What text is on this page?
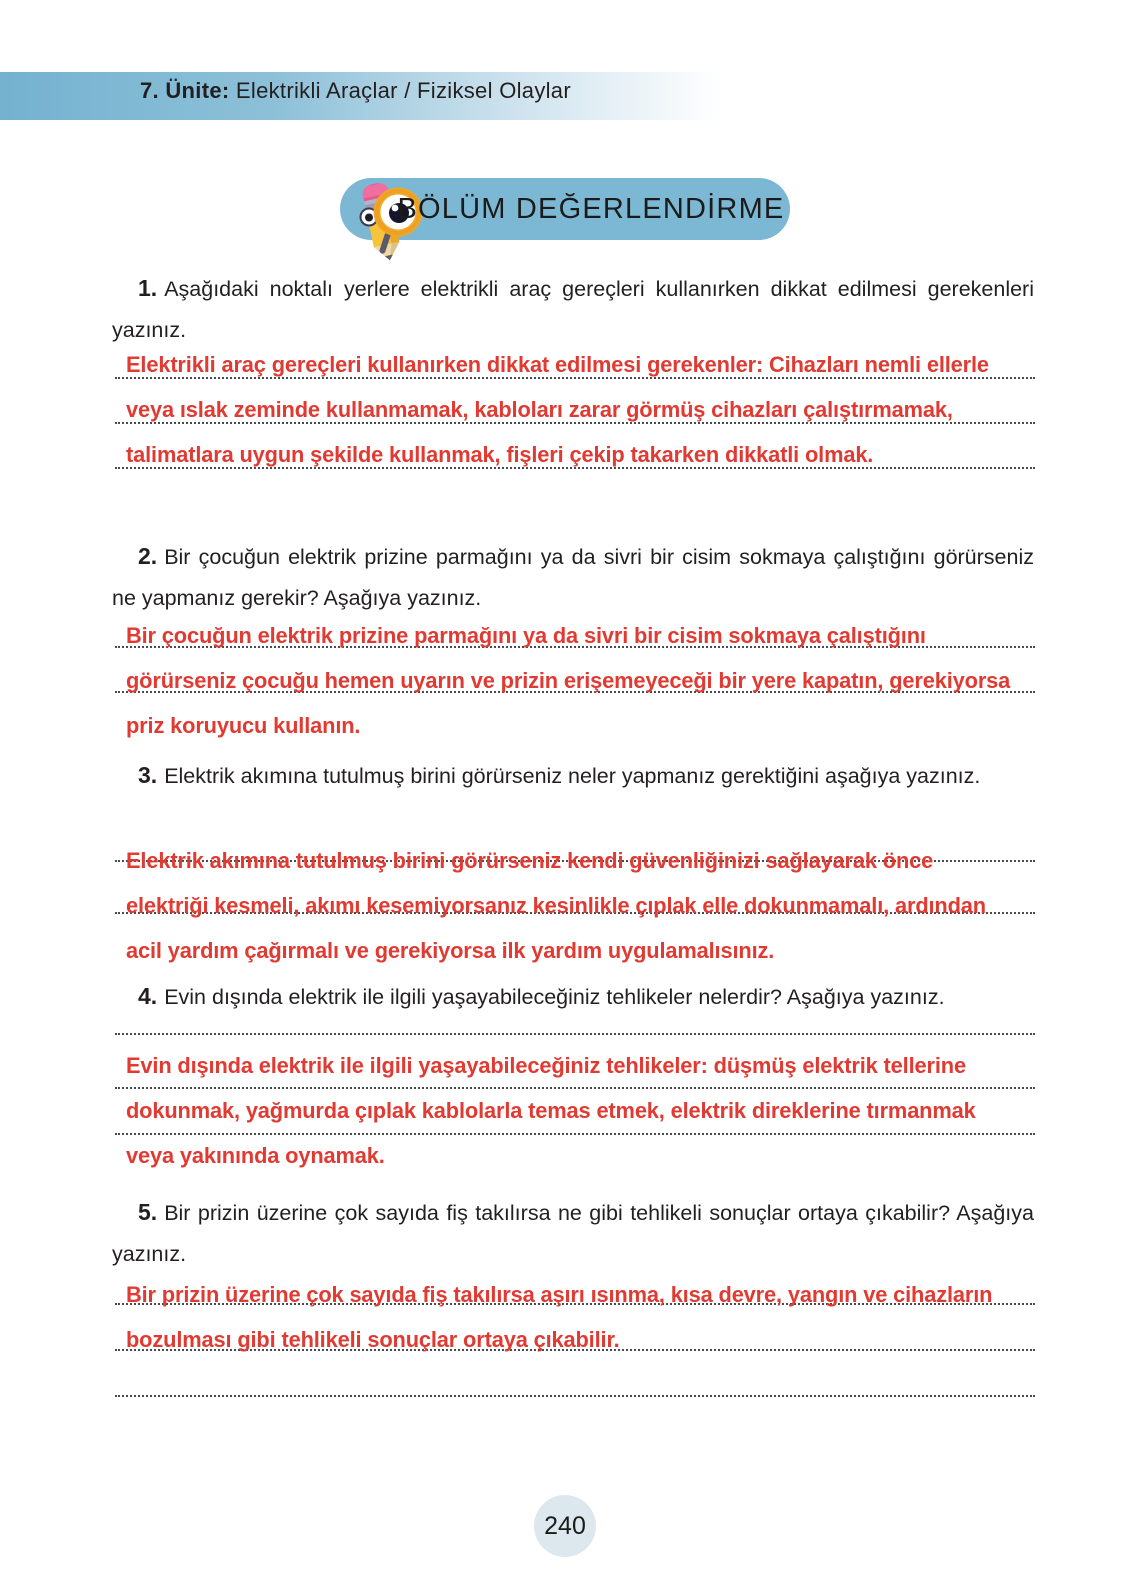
7. Ünite: Elektrikli Araçlar / Fiziksel Olaylar
BÖLÜM DEĞERLENDİRME
1. Aşağıdaki noktalı yerlere elektrikli araç gereçleri kullanırken dikkat edilmesi gerekenleri yazınız.
Elektrikli araç gereçleri kullanırken dikkat edilmesi gerekenler: Cihazları nemli ellerle veya ıslak zeminde kullanmamak, kabloları zarar görmüş cihazları çalıştırmamak, talimatlara uygun şekilde kullanmak, fişleri çekip takarken dikkatli olmak.
2. Bir çocuğun elektrik prizine parmağını ya da sivri bir cisim sokmaya çalıştığını görürseniz ne yapmanız gerekir? Aşağıya yazınız.
Bir çocuğun elektrik prizine parmağını ya da sivri bir cisim sokmaya çalıştığını görürseniz çocuğu hemen uyarın ve prizin erişemeyeceği bir yere kapatın, gerekiyorsa priz koruyucu kullanın.
3. Elektrik akımına tutulmuş birini görürseniz neler yapmanız gerektiğini aşağıya yazınız.
Elektrik akımına tutulmuş birini görürseniz kendi güvenliğinizi sağlayarak önce elektriği kesmeli, akımı kesemiyorsanız kesinlikle çıplak elle dokunmamalı, ardından acil yardım çağırmalı ve gerekiyorsa ilk yardım uygulamalısınız.
4. Evin dışında elektrik ile ilgili yaşayabileceğiniz tehlikeler nelerdir? Aşağıya yazınız.
Evin dışında elektrik ile ilgili yaşayabileceğiniz tehlikeler: düşmüş elektrik tellerine dokunmak, yağmurda çıplak kablolarla temas etmek, elektrik direklerine tırmanmak veya yakınında oynamak.
5. Bir prizin üzerine çok sayıda fiş takılırsa ne gibi tehlikeli sonuçlar ortaya çıkabilir? Aşağıya yazınız.
Bir prizin üzerine çok sayıda fiş takılırsa aşırı ısınma, kısa devre, yangın ve cihazların bozulması gibi tehlikeli sonuçlar ortaya çıkabilir.
240
